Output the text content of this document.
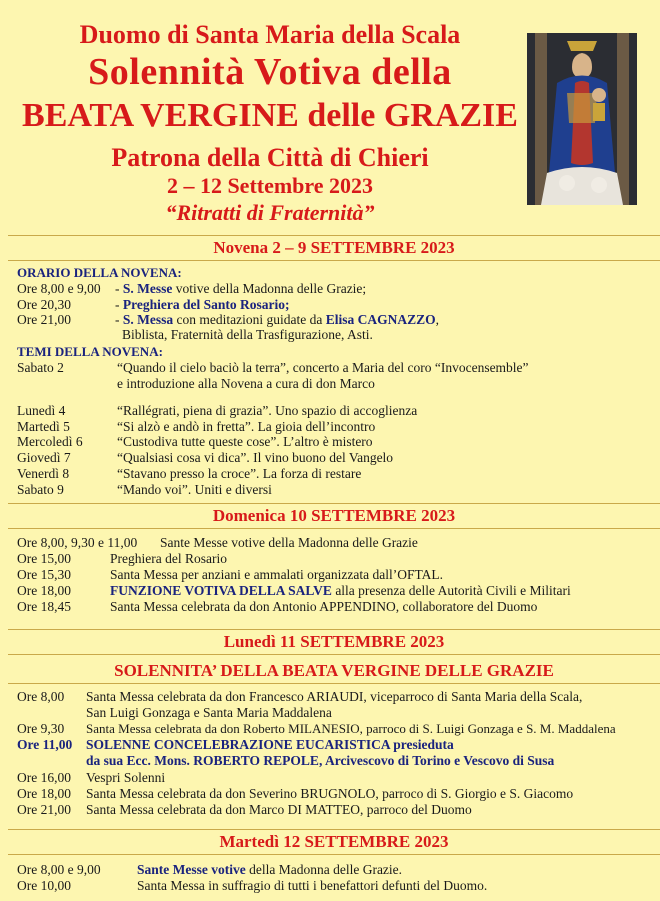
Duomo di Santa Maria della Scala
Solennità Votiva della
BEATA VERGINE delle GRAZIE
Patrona della Città di Chieri
2 – 12 Settembre 2023
“Ritratti di Fraternità”
Novena 2 – 9 SETTEMBRE 2023
ORARIO DELLA NOVENA:
Ore 8,00 e 9,00 - S. Messe votive della Madonna delle Grazie;
Ore 20,30	- Preghiera del Santo Rosario;
Ore 21,00	- S. Messa con meditazioni guidate da Elisa CAGNAZZO,
Biblista, Fraternità della Trasfigurazione, Asti.
TEMI DELLA NOVENA:
Sabato 2	“Quando il cielo baciò la terra”, concerto a Maria del coro “Invocensemble”
e introduzione alla Novena a cura di don Marco
Lunedì 4	“Rallégrati, piena di grazia”. Uno spazio di accoglienza
Martedì 5	“Si alzò e andò in fretta”. La gioia dell’incontro
Mercoledì 6	“Custodiva tutte queste cose”. L’altro è mistero
Giovedì 7	“Qualsiasi cosa vi dica”. Il vino buono del Vangelo
Venerdì 8	“Stavano presso la croce”. La forza di restare
Sabato 9	“Mando voi”. Uniti e diversi
Domenica 10 SETTEMBRE 2023
Ore 8,00, 9,30 e 11,00 Sante Messe votive della Madonna delle Grazie
Ore 15,00	Preghiera del Rosario
Ore 15,30	Santa Messa per anziani e ammalati organizzata dall’OFTAL.
Ore 18,00	FUNZIONE VOTIVA DELLA SALVE alla presenza delle Autorità Civili e Militari
Ore 18,45	Santa Messa celebrata da don Antonio APPENDINO, collaboratore del Duomo
Lunedì 11 SETTEMBRE 2023
SOLENNITA’ DELLA BEATA VERGINE DELLE GRAZIE
Ore 8,00 Santa Messa celebrata da don Francesco ARIAUDI, viceparroco di Santa Maria della Scala,
San Luigi Gonzaga e Santa Maria Maddalena
Ore 9,30 Santa Messa celebrata da don Roberto MILANESIO, parroco di S. Luigi Gonzaga e S. M. Maddalena
Ore 11,00 SOLENNE CONCELEBRAZIONE EUCARISTICA presieduta
da sua Ecc. Mons. ROBERTO REPOLE, Arcivescovo di Torino e Vescovo di Susa
Ore 16,00 Vespri Solenni
Ore 18,00 Santa Messa celebrata da don Severino BRUGNOLO, parroco di S. Giorgio e S. Giacomo
Ore 21,00 Santa Messa celebrata da don Marco DI MATTEO, parroco del Duomo
Martedì 12 SETTEMBRE 2023
Ore 8,00 e 9,00	Sante Messe votive della Madonna delle Grazie.
Ore 10,00	Santa Messa in suffragio di tutti i benefattori defunti del Duomo.
